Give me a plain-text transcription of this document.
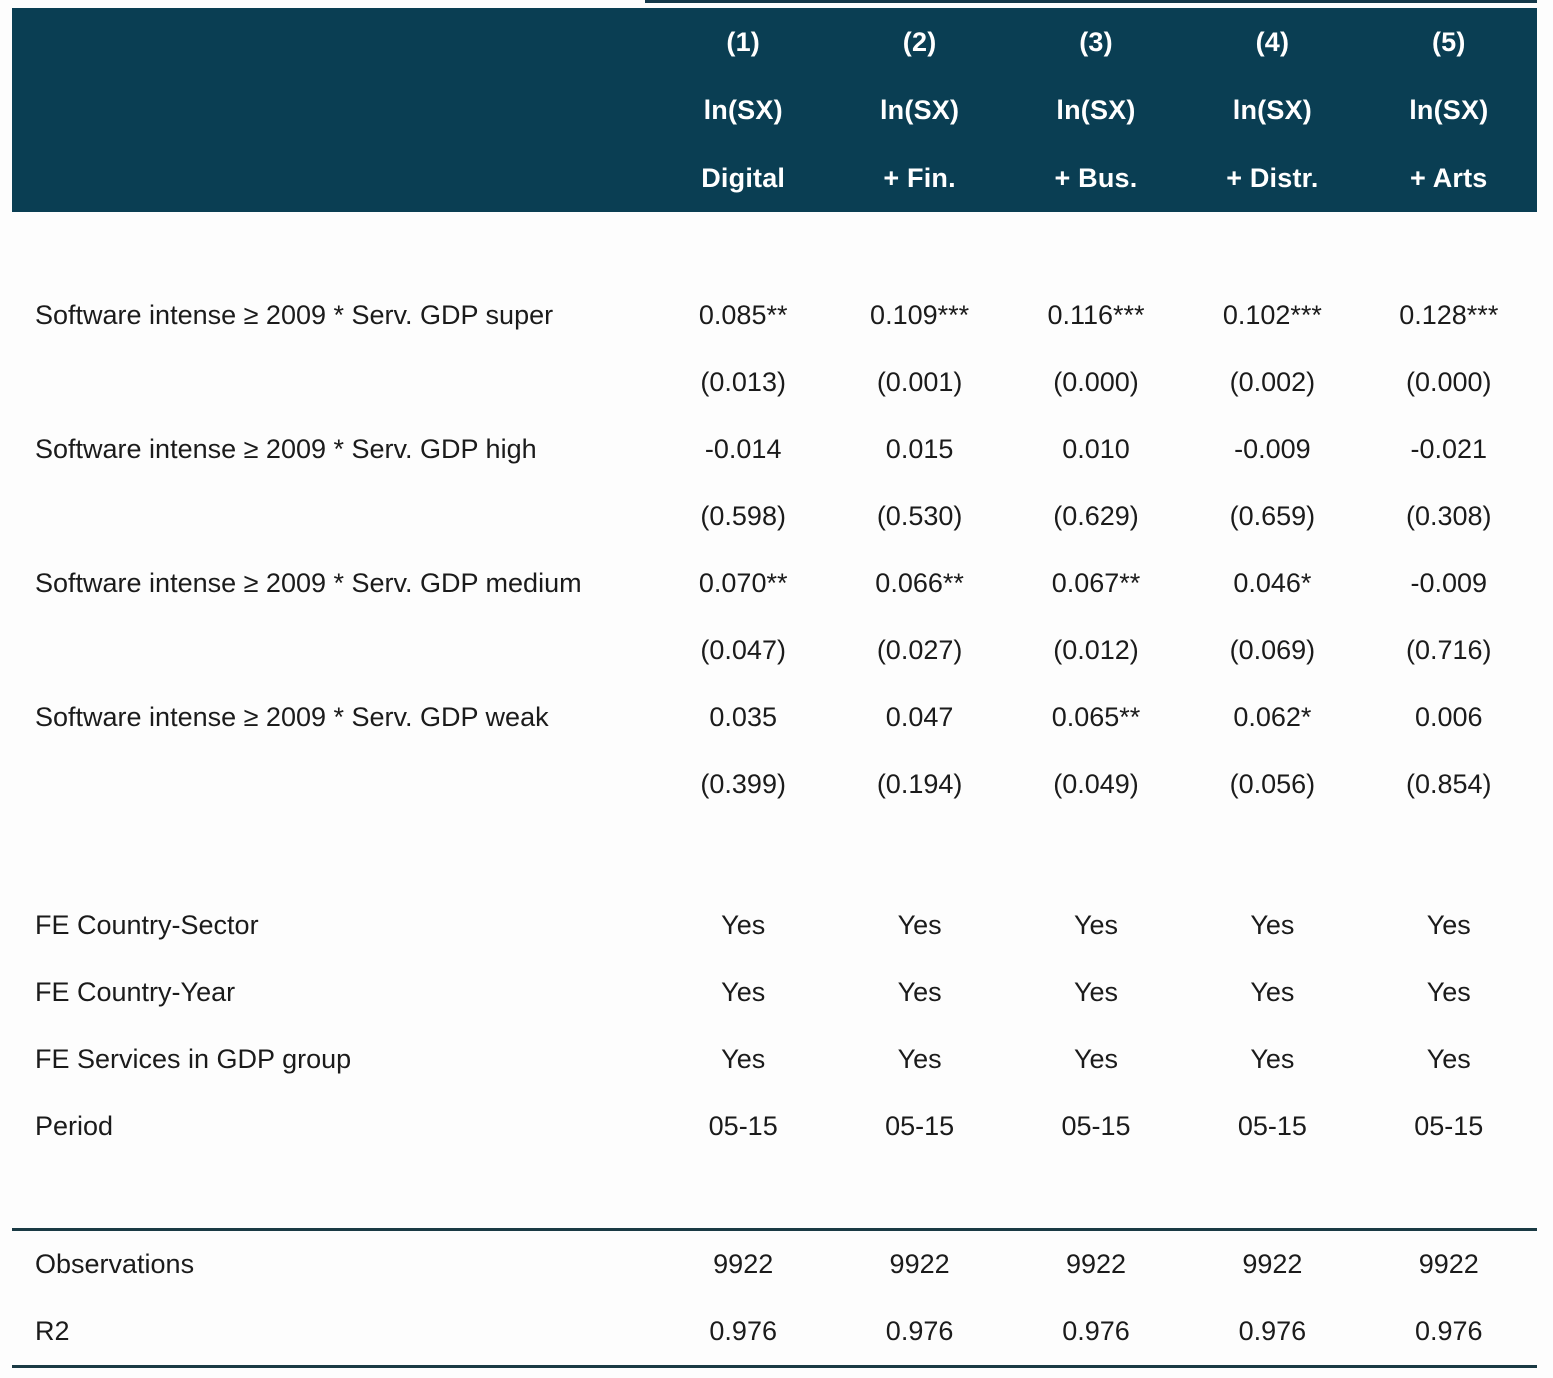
(1)	(2)	(3)	(4)	(5)
ln(SX)	ln(SX)	ln(SX)	ln(SX)	ln(SX)
Digital	+ Fin.	+ Bus.	+ Distr.	+ Arts
Software intense ≥ 2009 * Serv. GDP super	0.085**	0.109***	0.116***	0.102***	0.128***
(0.013)	(0.001)	(0.000)	(0.002)	(0.000)
Software intense ≥ 2009 * Serv. GDP high	-0.014	0.015	0.010	-0.009	-0.021
(0.598)	(0.530)	(0.629)	(0.659)	(0.308)
Software intense ≥ 2009 * Serv. GDP medium	0.070**	0.066**	0.067**	0.046*	-0.009
(0.047)	(0.027)	(0.012)	(0.069)	(0.716)
Software intense ≥ 2009 * Serv. GDP weak	0.035	0.047	0.065**	0.062*	0.006
(0.399)	(0.194)	(0.049)	(0.056)	(0.854)
FE Country-Sector	Yes	Yes	Yes	Yes	Yes
FE Country-Year	Yes	Yes	Yes	Yes	Yes
FE Services in GDP group	Yes	Yes	Yes	Yes	Yes
Period	05-15	05-15	05-15	05-15	05-15
Observations	9922	9922	9922	9922	9922
R2	0.976	0.976	0.976	0.976	0.976
